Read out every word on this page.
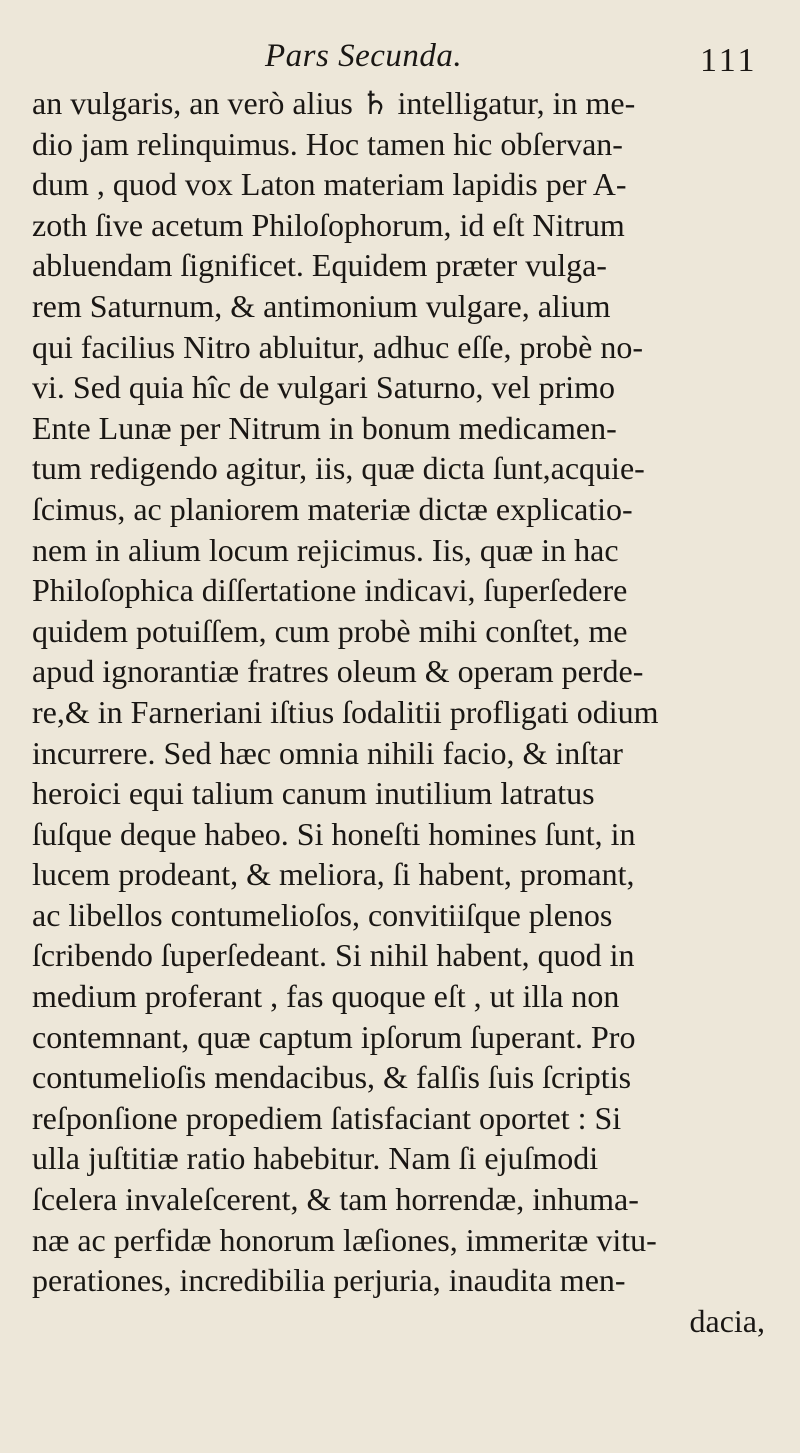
Pars Secunda.	111
an vulgaris, an verò alius ♄ intelligatur, in me-
dio jam relinquimus. Hoc tamen hic obſervan-
dum , quod vox Laton materiam lapidis per A-
zoth ſive acetum Philoſophorum, id eſt Nitrum
abluendam ſignificet. Equidem præter vulga-
rem Saturnum, & antimonium vulgare, alium
qui facilius Nitro abluitur, adhuc eſſe, probè no-
vi. Sed quia hîc de vulgari Saturno, vel primo
Ente Lunæ per Nitrum in bonum medicamen-
tum redigendo agitur, iis, quæ dicta ſunt,acquie-
ſcimus, ac planiorem materiæ dictæ explicatio-
nem in alium locum rejicimus. Iis, quæ in hac
Philoſophica diſſertatione indicavi, ſuperſedere
quidem potuiſſem, cum probè mihi conſtet, me
apud ignorantiæ fratres oleum & operam perde-
re,& in Farneriani iſtius ſodalitii profligati odium
incurrere. Sed hæc omnia nihili facio, & inſtar
heroici equi talium canum inutilium latratus
ſuſque deque habeo. Si honeſti homines ſunt, in
lucem prodeant, & meliora, ſi habent, promant,
ac libellos contumelioſos, convitiiſque plenos
ſcribendo ſuperſedeant. Si nihil habent, quod in
medium proferant , fas quoque eſt , ut illa non
contemnant, quæ captum ipſorum ſuperant. Pro
contumelioſis mendacibus, & falſis ſuis ſcriptis
reſponſione propediem ſatisfaciant oportet : Si
ulla juſtitiæ ratio habebitur. Nam ſi ejuſmodi
ſcelera invaleſcerent, & tam horrendæ, inhuma-
næ ac perfidæ honorum læſiones, immeritæ vitu-
perationes, incredibilia perjuria, inaudita men-
dacia,
